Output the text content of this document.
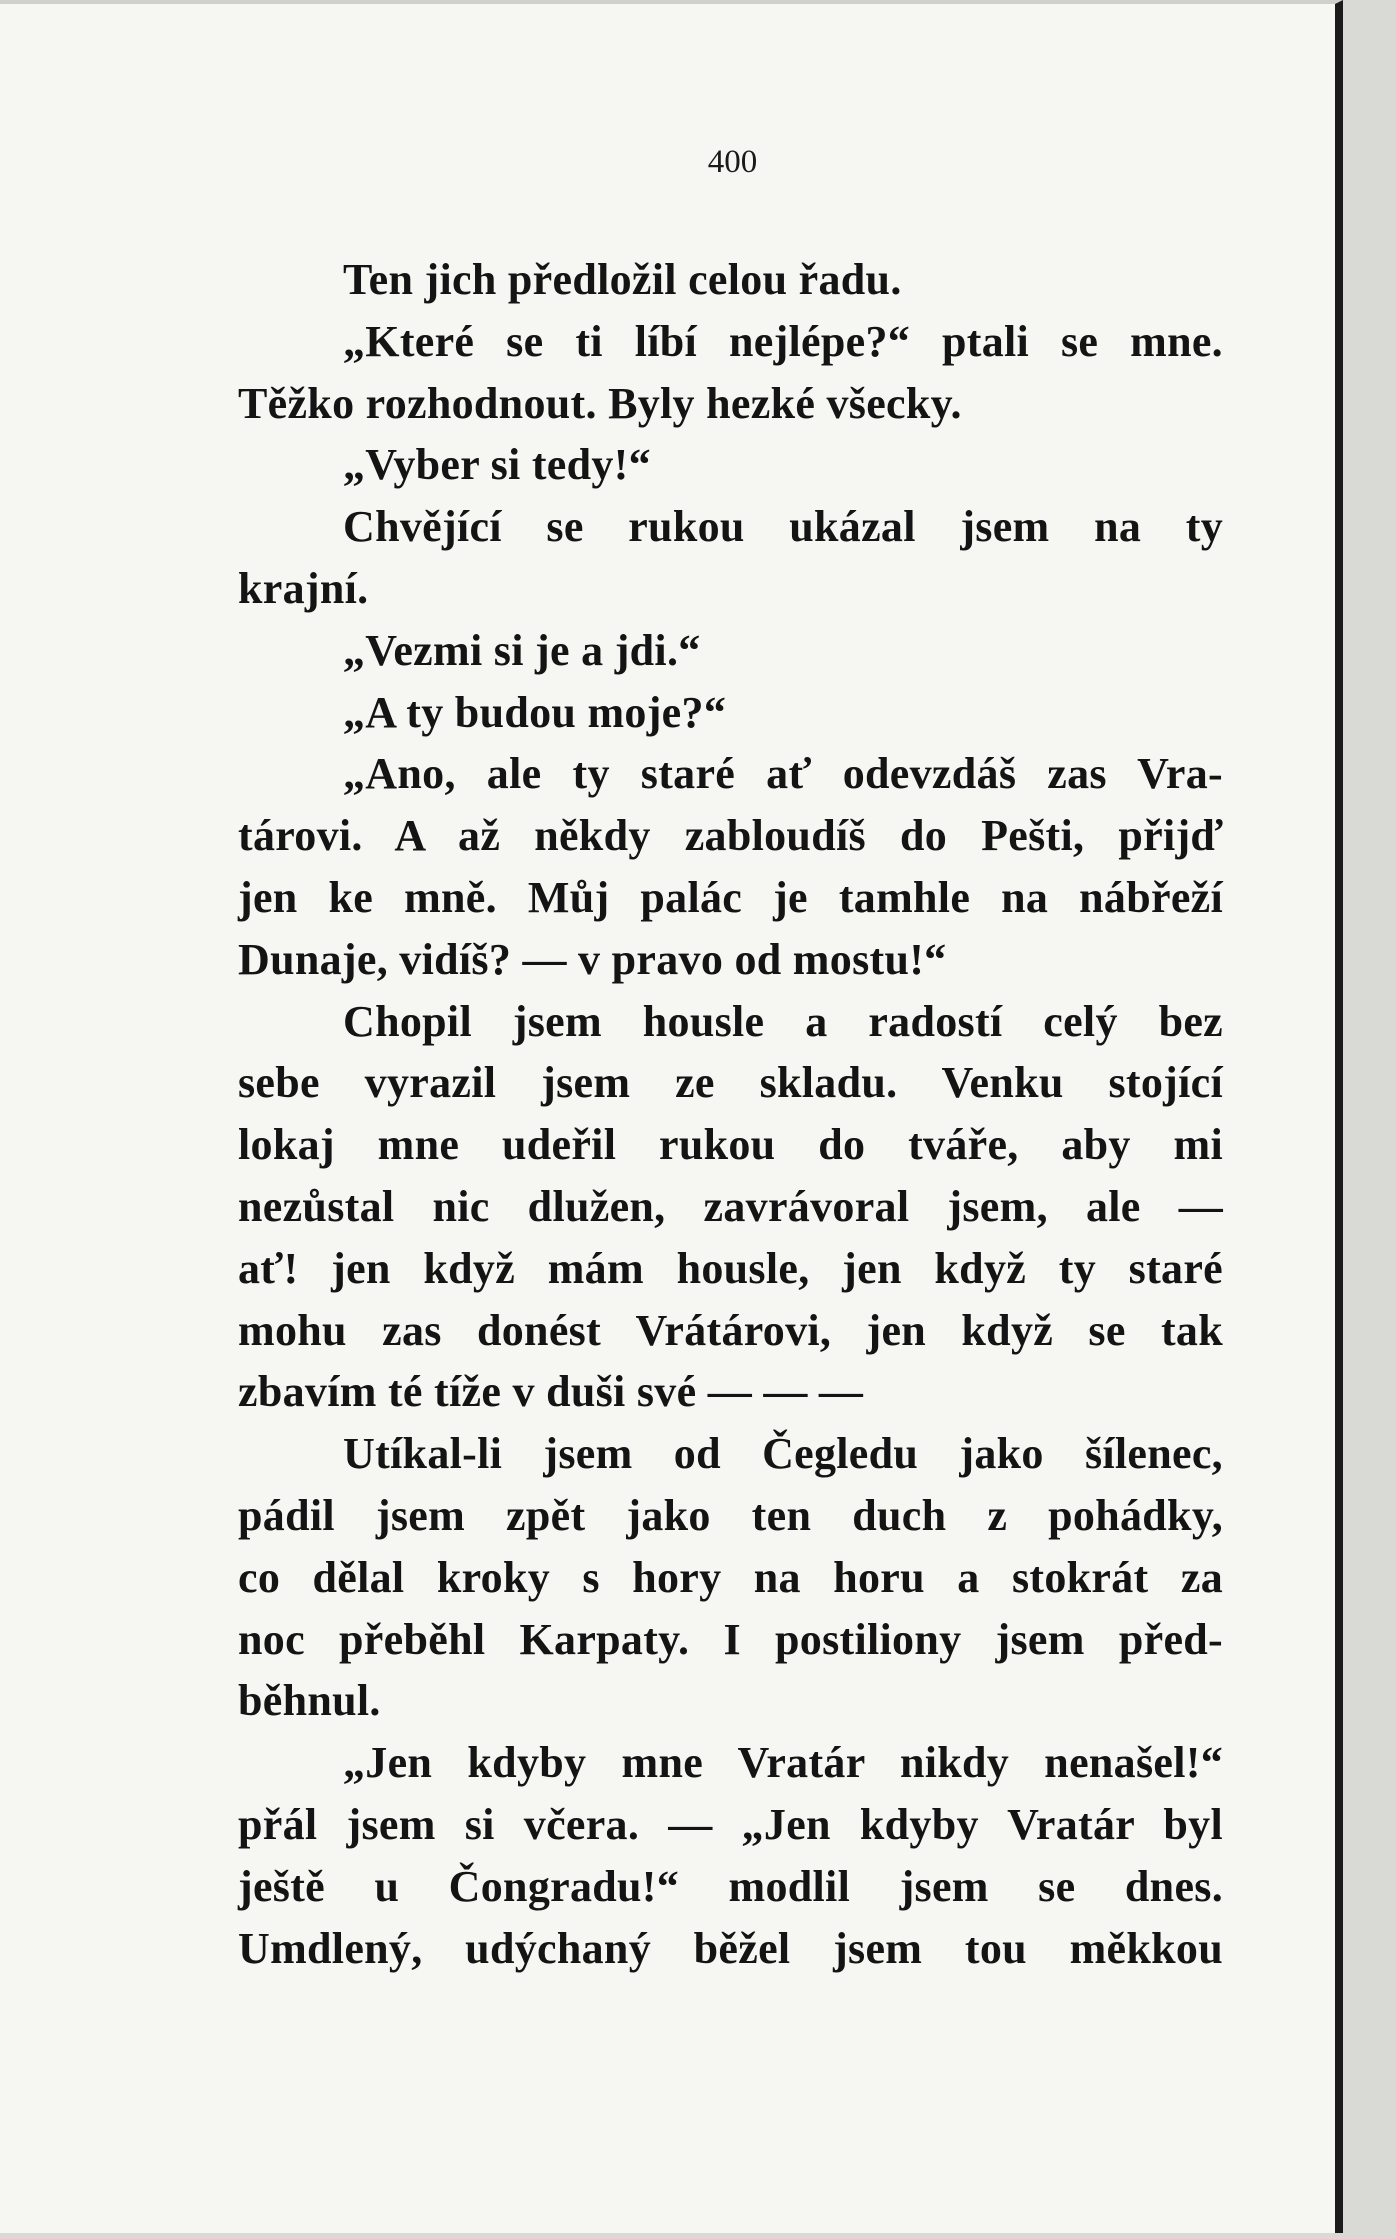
400
Ten jich předložil celou řadu.
„Které se ti líbí nejlépe?“ ptali se mne.
Těžko rozhodnout. Byly hezké všecky.
„Vyber si tedy!“
Chvějící se rukou ukázal jsem na ty
krajní.
„Vezmi si je a jdi.“
„A ty budou moje?“
„Ano, ale ty staré ať odevzdáš zas Vra-
tárovi. A až někdy zabloudíš do Pešti, přijď
jen ke mně. Můj palác je tamhle na nábřeží
Dunaje, vidíš? — v pravo od mostu!“
Chopil jsem housle a radostí celý bez
sebe vyrazil jsem ze skladu. Venku stojící
lokaj mne udeřil rukou do tváře, aby mi
nezůstal nic dlužen, zavrávoral jsem, ale —
ať! jen když mám housle, jen když ty staré
mohu zas donést Vrátárovi, jen když se tak
zbavím té tíže v duši své — — —
Utíkal-li jsem od Čegledu jako šílenec,
pádil jsem zpět jako ten duch z pohádky,
co dělal kroky s hory na horu a stokrát za
noc přeběhl Karpaty. I postiliony jsem před-
běhnul.
„Jen kdyby mne Vratár nikdy nenašel!“
přál jsem si včera. — „Jen kdyby Vratár byl
ještě u Čongradu!“ modlil jsem se dnes.
Umdlený, udýchaný běžel jsem tou měkkou
